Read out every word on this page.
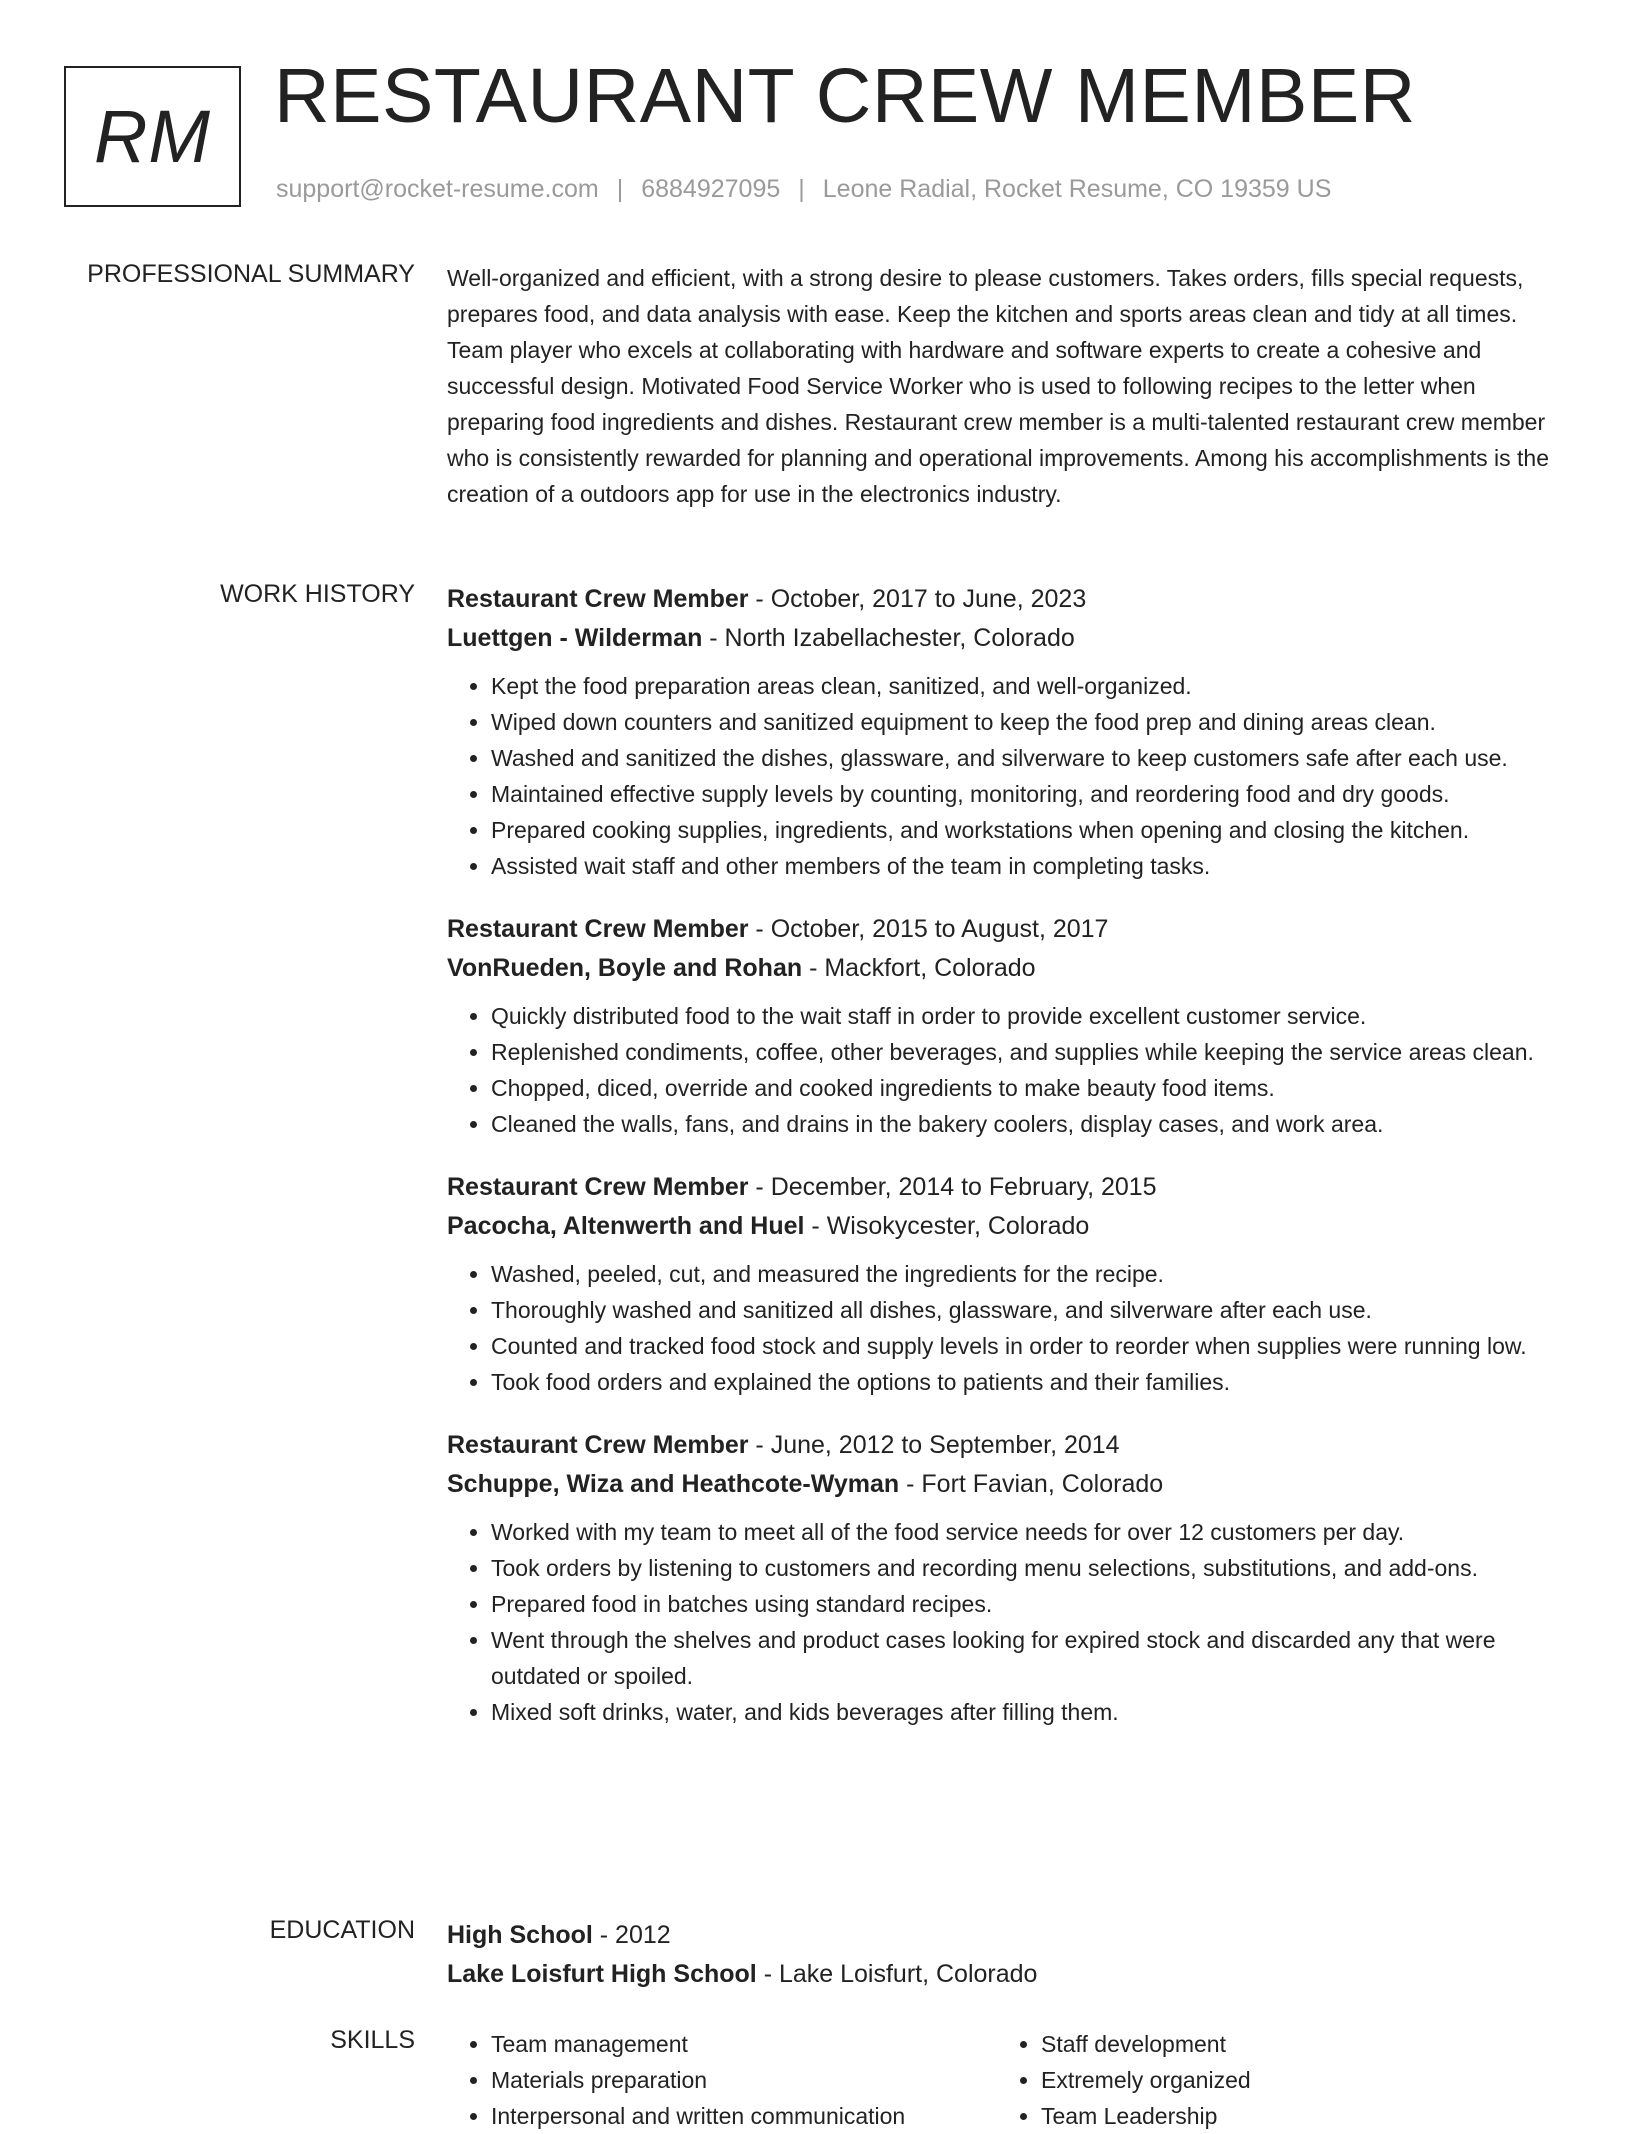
RM RESTAURANT CREW MEMBER
support@rocket-resume.com | 6884927095 | Leone Radial, Rocket Resume, CO 19359 US
PROFESSIONAL SUMMARY Well-organized and efficient, with a strong desire to please customers. Takes orders, fills special requests, prepares food, and data analysis with ease. Keep the kitchen and sports areas clean and tidy at all times. Team player who excels at collaborating with hardware and software experts to create a cohesive and successful design. Motivated Food Service Worker who is used to following recipes to the letter when preparing food ingredients and dishes. Restaurant crew member is a multi-talented restaurant crew member who is consistently rewarded for planning and operational improvements. Among his accomplishments is the creation of a outdoors app for use in the electronics industry.

WORK HISTORY Restaurant Crew Member - October, 2017 to June, 2023
Luettgen - Wilderman - North Izabellachester, Colorado
• Kept the food preparation areas clean, sanitized, and well-organized.
• Wiped down counters and sanitized equipment to keep the food prep and dining areas clean.
• Washed and sanitized the dishes, glassware, and silverware to keep customers safe after each use.
• Maintained effective supply levels by counting, monitoring, and reordering food and dry goods.
• Prepared cooking supplies, ingredients, and workstations when opening and closing the kitchen.
• Assisted wait staff and other members of the team in completing tasks.
Restaurant Crew Member - October, 2015 to August, 2017
VonRueden, Boyle and Rohan - Mackfort, Colorado
• Quickly distributed food to the wait staff in order to provide excellent customer service.
• Replenished condiments, coffee, other beverages, and supplies while keeping the service areas clean.
• Chopped, diced, override and cooked ingredients to make beauty food items.
• Cleaned the walls, fans, and drains in the bakery coolers, display cases, and work area.
Restaurant Crew Member - December, 2014 to February, 2015
Pacocha, Altenwerth and Huel - Wisokycester, Colorado
• Washed, peeled, cut, and measured the ingredients for the recipe.
• Thoroughly washed and sanitized all dishes, glassware, and silverware after each use.
• Counted and tracked food stock and supply levels in order to reorder when supplies were running low.
• Took food orders and explained the options to patients and their families.
Restaurant Crew Member - June, 2012 to September, 2014
Schuppe, Wiza and Heathcote-Wyman - Fort Favian, Colorado
• Worked with my team to meet all of the food service needs for over 12 customers per day.
• Took orders by listening to customers and recording menu selections, substitutions, and add-ons.
• Prepared food in batches using standard recipes.
• Went through the shelves and product cases looking for expired stock and discarded any that were outdated or spoiled.
• Mixed soft drinks, water, and kids beverages after filling them.
EDUCATION High School - 2012
Lake Loisfurt High School - Lake Loisfurt, Colorado
SKILLS
•	Team management
• Materials preparation
• Interpersonal and written communication
• Staff development
• Extremely organized
• Team Leadership
